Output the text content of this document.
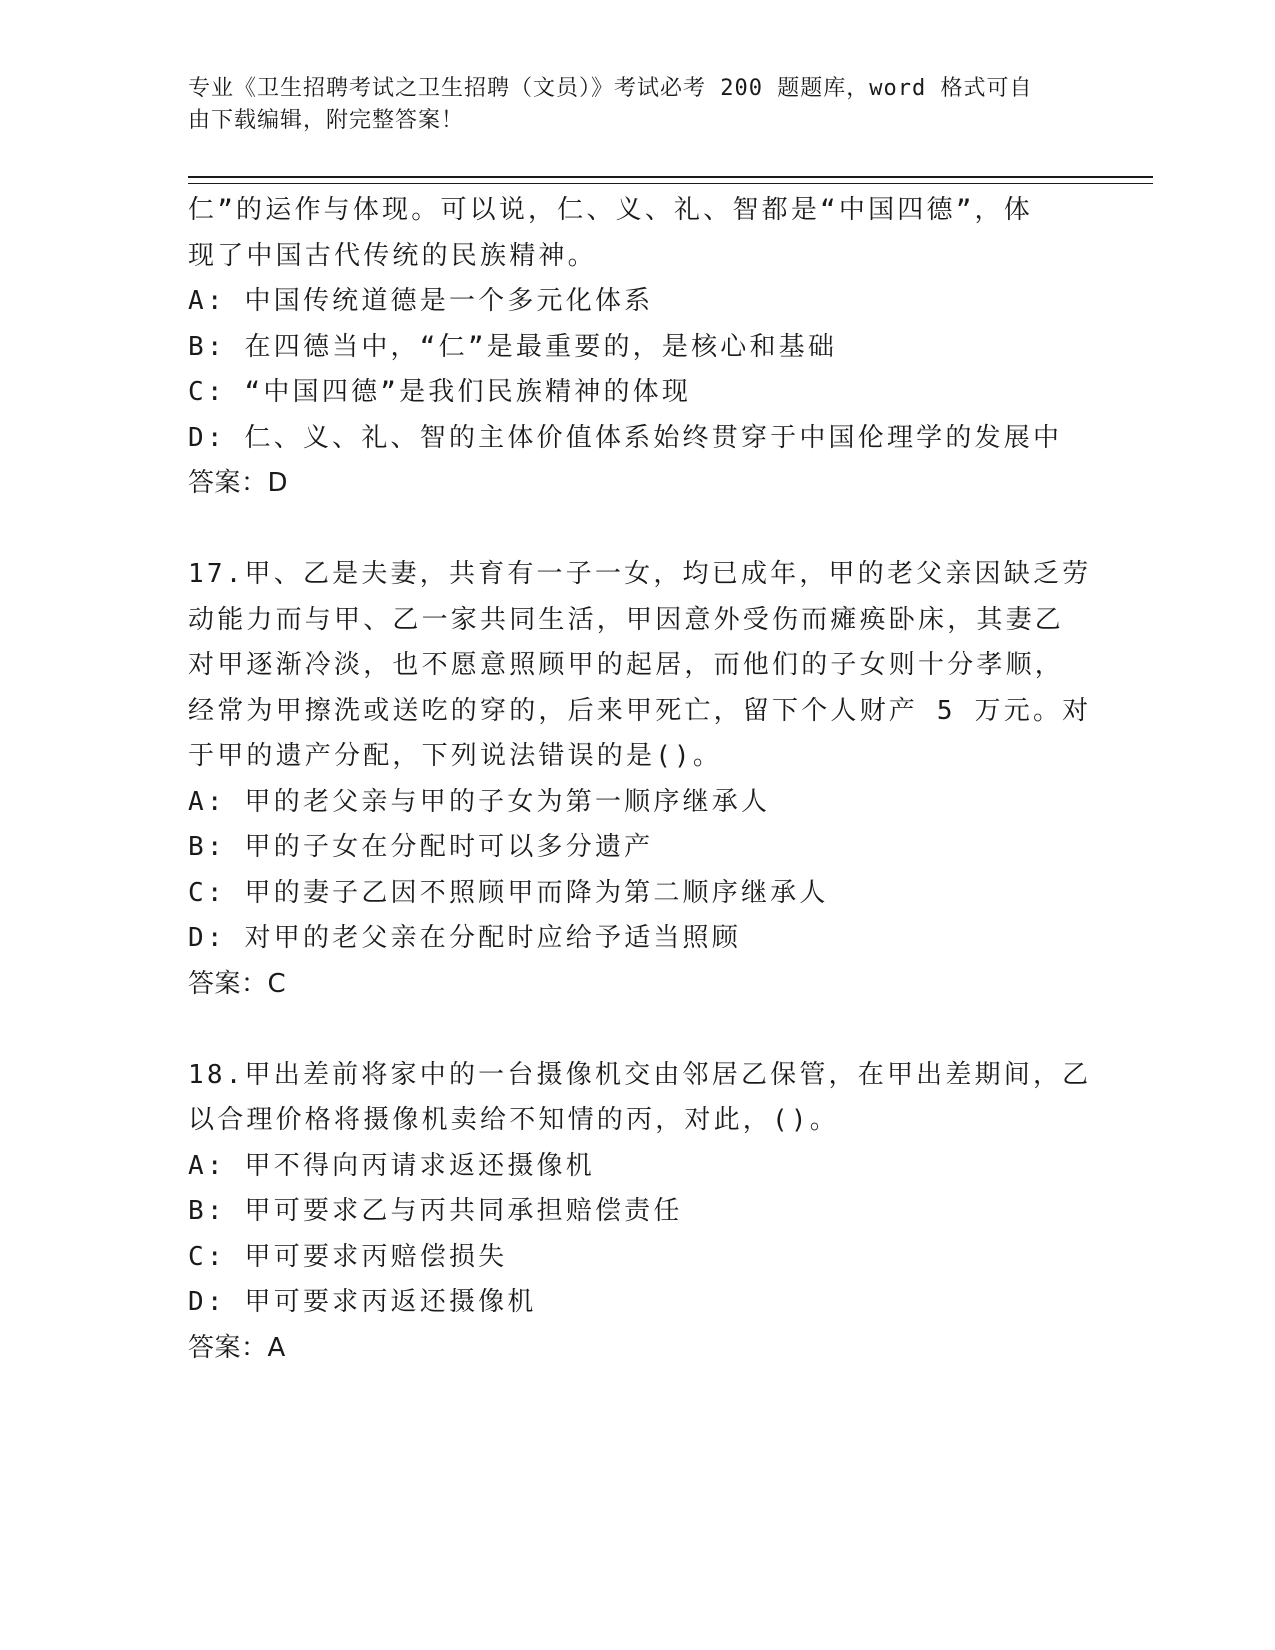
专业《卫生招聘考试之卫生招聘（文员）》考试必考 200 题题库，word 格式可自
由下载编辑，附完整答案！
仁”的运作与体现。可以说，仁、义、礼、智都是“中国四德”，体
现了中国古代传统的民族精神。
A: 中国传统道德是一个多元化体系
B: 在四德当中，“仁”是最重要的，是核心和基础
C: “中国四德”是我们民族精神的体现
D: 仁、义、礼、智的主体价值体系始终贯穿于中国伦理学的发展中
答案：D
17.甲、乙是夫妻，共育有一子一女，均已成年，甲的老父亲因缺乏劳
动能力而与甲、乙一家共同生活，甲因意外受伤而瘫痪卧床，其妻乙
对甲逐渐冷淡，也不愿意照顾甲的起居，而他们的子女则十分孝顺，
经常为甲擦洗或送吃的穿的，后来甲死亡，留下个人财产 5 万元。对
于甲的遗产分配，下列说法错误的是()。
A: 甲的老父亲与甲的子女为第一顺序继承人
B: 甲的子女在分配时可以多分遗产
C: 甲的妻子乙因不照顾甲而降为第二顺序继承人
D: 对甲的老父亲在分配时应给予适当照顾
答案：C
18.甲出差前将家中的一台摄像机交由邻居乙保管，在甲出差期间，乙
以合理价格将摄像机卖给不知情的丙，对此，()。
A: 甲不得向丙请求返还摄像机
B: 甲可要求乙与丙共同承担赔偿责任
C: 甲可要求丙赔偿损失
D: 甲可要求丙返还摄像机
答案：A
